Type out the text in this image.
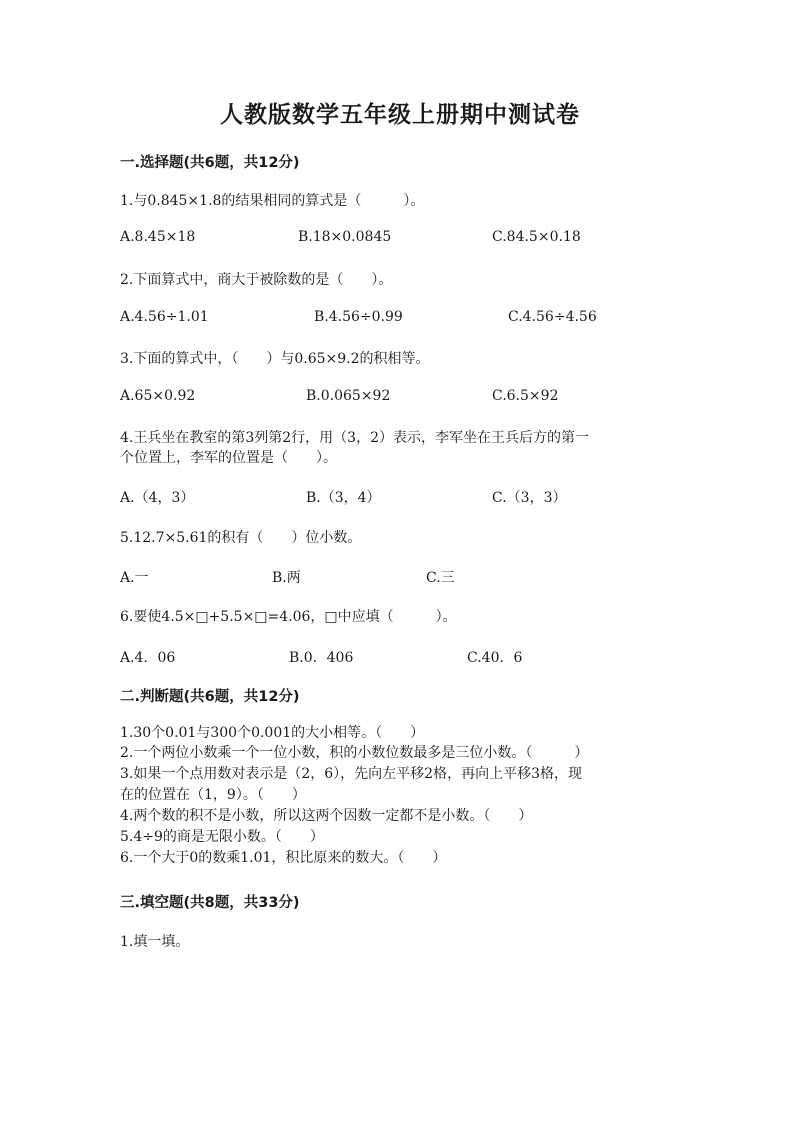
人教版数学五年级上册期中测试卷
一.选择题(共6题，共12分)
1.与0.845×1.8的结果相同的算式是（　　　）。
A.8.45×18	B.18×0.0845	C.84.5×0.18
2.下面算式中，商大于被除数的是（　　）。
A.4.56÷1.01	B.4.56÷0.99	C.4.56÷4.56
3.下面的算式中，（　　）与0.65×9.2的积相等。
A.65×0.92	B.0.065×92	C.6.5×92
4.王兵坐在教室的第3列第2行，用（3，2）表示，李军坐在王兵后方的第一
个位置上，李军的位置是（　　）。
A.（4，3）	B.（3，4）	C.（3，3）
5.12.7×5.61的积有（　　）位小数。
A.一	B.两	C.三
6.要使4.5×□+5.5×□=4.06，□中应填（　　　）。
A.4．06	B.0．406	C.40．6
二.判断题(共6题，共12分)
1.30个0.01与300个0.001的大小相等。（　　）
2.一个两位小数乘一个一位小数，积的小数位数最多是三位小数。（　　　）
3.如果一个点用数对表示是（2，6），先向左平移2格，再向上平移3格，现
在的位置在（1，9）。（　　）
4.两个数的积不是小数，所以这两个因数一定都不是小数。（　　）
5.4÷9的商是无限小数。（　　）
6.一个大于0的数乘1.01，积比原来的数大。（　　）
三.填空题(共8题，共33分)
1.填一填。
